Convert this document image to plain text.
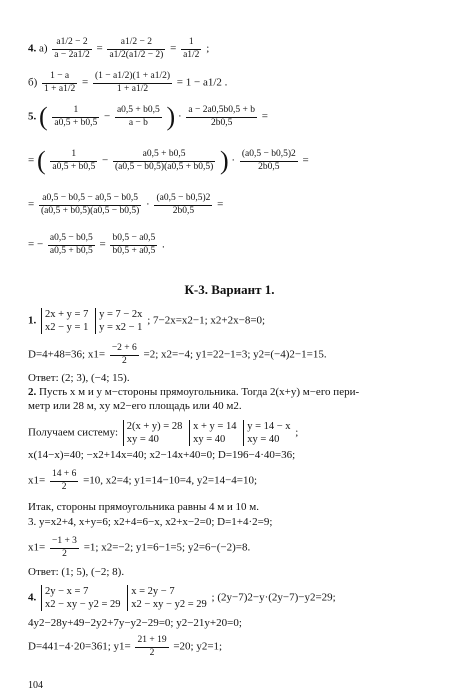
4. $a) \frac{a1/2 - 2}{a - 2a1/2} = \frac{a1/2 - 2}{a1/2(a1/2 - 2)} = \frac{1}{a1/2}$ ;
$б) \frac{1 - a}{1 + a1/2} = \frac{(1 - a1/2)(1 + a1/2)}{1 + a1/2} = 1 - a1/2$ .
5. ( $\frac{1}{a0,5 + b0,5} - \frac{a0,5 + b0,5}{a - b}$ ) · $\frac{a - 2a0,5b0,5 + b}{2b0,5}$ =
= ( $\frac{1}{a0,5 + b0,5} - \frac{a0,5 + b0,5}{(a0,5 - b0,5)(a0,5 + b0,5)}$ ) · $\frac{(a0,5 - b0,5)2}{2b0,5}$ =
= $\frac{a0,5 - b0,5 - a0,5 - b0,5}{(a0,5 + b0,5)(a0,5 - b0,5)} \cdot \frac{(a0,5 - b0,5)2}{2b0,5}$ =
= − $\frac{a0,5 - b0,5}{a0,5 + b0,5} = \frac{b0,5 - a0,5}{b0,5 + a0,5}$ .
К-3. Вариант 1.
1.
2x + y = 7
x2 − y = 1

y = 7 − 2x
y = x2 − 1
; 7−2x=x2−1; x2+2x−8=0;
D=4+48=36; $x1= \frac{-2 + 6}{2} =2$; x2=−4; y1=22−1=3; y2=(−4)2−1=15.
Ответ: (2; 3), (−4; 15).
2. Пусть x м и y м−стороны прямоугольника. Тогда 2(x+y) м−его пери-
метр или 28 м, xy м2−его площадь или 40 м2.
Получаем систему:
2(x + y) = 28
xy = 40

x + y = 14
xy = 40

y = 14 − x
xy = 40
;
x(14−x)=40; −x2+14x=40; x2−14x+40=0; D=196−4·40=36;
$x1= \frac{14 + 6}{2} =10$, x2=4; y1=14−10=4, y2=14−4=10;
Итак, стороны прямоугольника равны 4 м и 10 м.
3. y=x2+4, x+y=6; x2+4=6−x, x2+x−2=0; D=1+4·2=9;
$x1= \frac{-1 + 3}{2} =1$; x2=−2; y1=6−1=5; y2=6−(−2)=8.
Ответ: (1; 5), (−2; 8).
4.
2y − x = 7
x2 − xy − y2 = 29

x = 2y − 7
x2 − xy − y2 = 29
; (2y−7)2−y·(2y−7)−y2=29;
4y2−28y+49−2y2+7y−y2−29=0; y2−21y+20=0;
D=441−4·20=361; $y1= \frac{21 + 19}{2} =20$; y2=1;
104
